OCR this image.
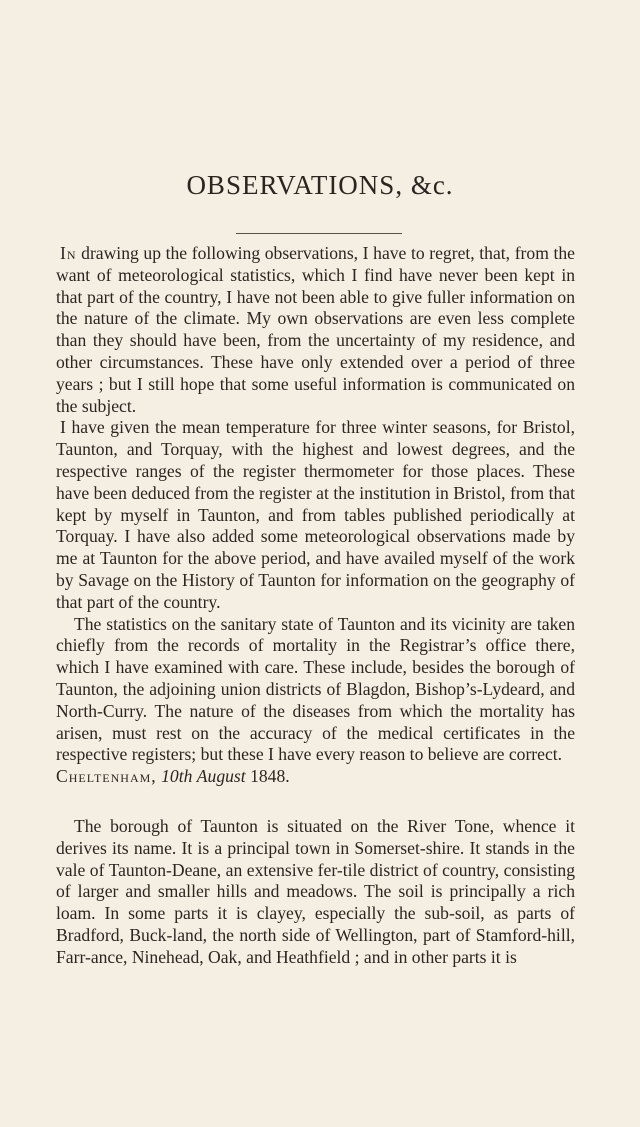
OBSERVATIONS, &c.

In drawing up the following observations, I have to regret, that, from the want of meteorological statistics, which I find have never been kept in that part of the country, I have not been able to give fuller information on the nature of the climate. My own observations are even less complete than they should have been, from the uncertainty of my residence, and other circumstances. These have only extended over a period of three years ; but I still hope that some useful information is communicated on the subject.

I have given the mean temperature for three winter seasons, for Bristol, Taunton, and Torquay, with the highest and lowest degrees, and the respective ranges of the register thermometer for those places. These have been deduced from the register at the institution in Bristol, from that kept by myself in Taunton, and from tables published periodically at Torquay. I have also added some meteorological observations made by me at Taunton for the above period, and have availed myself of the work by Savage on the History of Taunton for information on the geography of that part of the country.

The statistics on the sanitary state of Taunton and its vicinity are taken chiefly from the records of mortality in the Registrar’s office there, which I have examined with care. These include, besides the borough of Taunton, the adjoining union districts of Blagdon, Bishop’s-Lydeard, and North-Curry. The nature of the diseases from which the mortality has arisen, must rest on the accuracy of the medical certificates in the respective registers; but these I have every reason to believe are correct.

Cheltenham, 10th August 1848.

The borough of Taunton is situated on the River Tone, whence it derives its name. It is a principal town in Somerset-shire. It stands in the vale of Taunton-Deane, an extensive fer-tile district of country, consisting of larger and smaller hills and meadows. The soil is principally a rich loam. In some parts it is clayey, especially the sub-soil, as parts of Bradford, Buck-land, the north side of Wellington, part of Stamford-hill, Farr-ance, Ninehead, Oak, and Heathfield ; and in other parts it is
